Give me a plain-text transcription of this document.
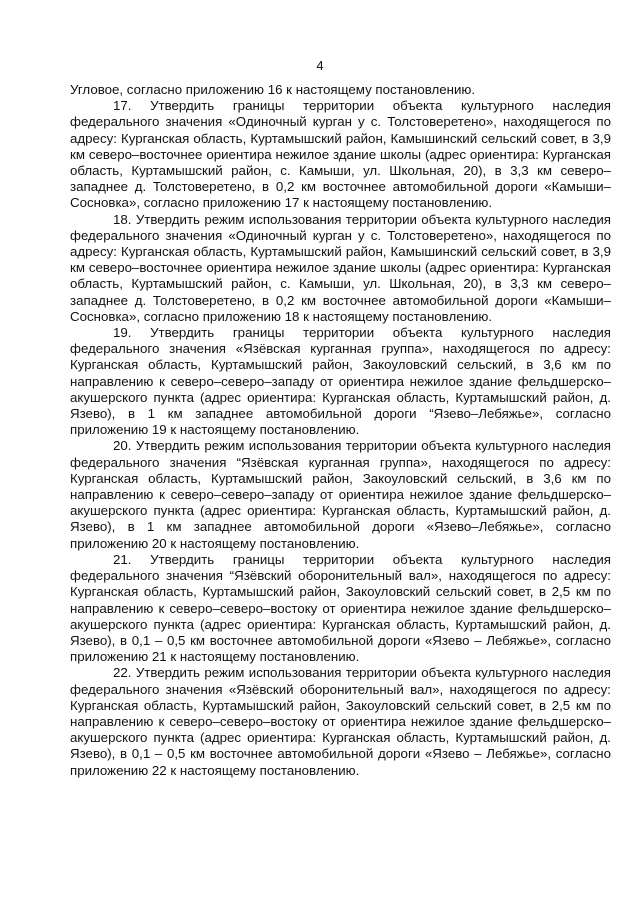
4

Угловое, согласно приложению 16 к настоящему постановлению.

17. Утвердить границы территории объекта культурного наследия федерального значения «Одиночный курган у с. Толстоверетено», находящегося по адресу: Курганская область, Куртамышский район, Камышинский сельский совет, в 3,9 км северо–восточнее ориентира нежилое здание школы (адрес ориентира: Курганская область, Куртамышский район, с. Камыши, ул. Школьная, 20), в 3,3 км северо–западнее д. Толстоверетено, в 0,2 км восточнее автомобильной дороги «Камыши–Сосновка», согласно приложению 17 к настоящему постановлению.

18. Утвердить режим использования территории объекта культурного наследия федерального значения «Одиночный курган у с. Толстоверетено», находящегося по адресу: Курганская область, Куртамышский район, Камышинский сельский совет, в 3,9 км северо–восточнее ориентира нежилое здание школы (адрес ориентира: Курганская область, Куртамышский район, с. Камыши, ул. Школьная, 20), в 3,3 км северо–западнее д. Толстоверетено, в 0,2 км восточнее автомобильной дороги «Камыши–Сосновка», согласно приложению 18 к настоящему постановлению.

19. Утвердить границы территории объекта культурного наследия федерального значения «Язёвская курганная группа», находящегося по адресу: Курганская область, Куртамышский район, Закоуловский сельский, в 3,6 км по направлению к северо–северо–западу от ориентира нежилое здание фельдшерско–акушерского пункта (адрес ориентира: Курганская область, Куртамышский район, д. Язево), в 1 км западнее автомобильной дороги “Язево–Лебяжье», согласно приложению 19 к настоящему постановлению.

20. Утвердить режим использования территории объекта культурного наследия федерального значения “Язёвская курганная группа», находящегося по адресу: Курганская область, Куртамышский район, Закоуловский сельский, в 3,6 км по направлению к северо–северо–западу от ориентира нежилое здание фельдшерско–акушерского пункта (адрес ориентира: Курганская область, Куртамышский район, д. Язево), в 1 км западнее автомобильной дороги «Язево–Лебяжье», согласно приложению 20 к настоящему постановлению.

21. Утвердить границы территории объекта культурного наследия федерального значения “Язёвский оборонительный вал», находящегося по адресу: Курганская область, Куртамышский район, Закоуловский сельский совет, в 2,5 км по направлению к северо–северо–востоку от ориентира нежилое здание фельдшерско–акушерского пункта (адрес ориентира: Курганская область, Куртамышский район, д. Язево), в 0,1 – 0,5 км восточнее автомобильной дороги «Язево – Лебяжье», согласно приложению 21 к настоящему постановлению.

22. Утвердить режим использования территории объекта культурного наследия федерального значения «Язёвский оборонительный вал», находящегося по адресу: Курганская область, Куртамышский район, Закоуловский сельский совет, в 2,5 км по направлению к северо–северо–востоку от ориентира нежилое здание фельдшерско–акушерского пункта (адрес ориентира: Курганская область, Куртамышский район, д. Язево), в 0,1 – 0,5 км восточнее автомобильной дороги «Язево – Лебяжье», согласно приложению 22 к настоящему постановлению.
